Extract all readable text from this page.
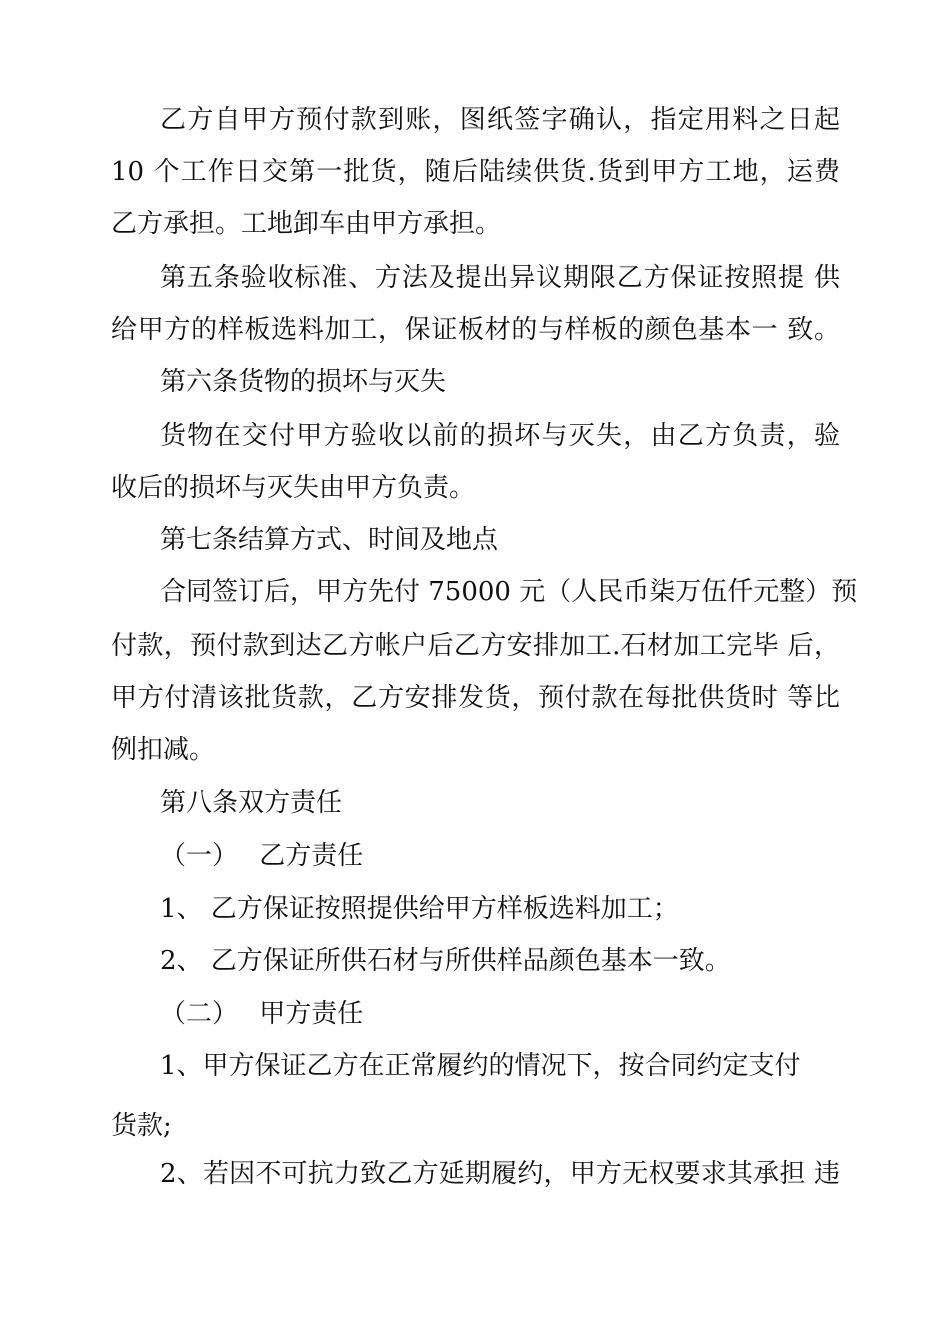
乙方自甲方预付款到账，图纸签字确认，指定用料之日起
10 个工作日交第一批货，随后陆续供货.货到甲方工地，运费
乙方承担。工地卸车由甲方承担。
第五条验收标准、方法及提出异议期限乙方保证按照提 供
给甲方的样板选料加工，保证板材的与样板的颜色基本一 致。
第六条货物的损坏与灭失
货物在交付甲方验收以前的损坏与灭失，由乙方负责，验
收后的损坏与灭失由甲方负责。
第七条结算方式、时间及地点
合同签订后，甲方先付 75000 元（人民币柒万伍仟元整）预
付款，预付款到达乙方帐户后乙方安排加工.石材加工完毕 后，
甲方付清该批货款，乙方安排发货，预付款在每批供货时 等比
例扣减。
第八条双方责任
（一）　 乙方责任
1、 乙方保证按照提供给甲方样板选料加工；
2、 乙方保证所供石材与所供样品颜色基本一致。
（二）　 甲方责任
1、甲方保证乙方在正常履约的情况下，按合同约定支付
货款;
2、若因不可抗力致乙方延期履约，甲方无权要求其承担 违
